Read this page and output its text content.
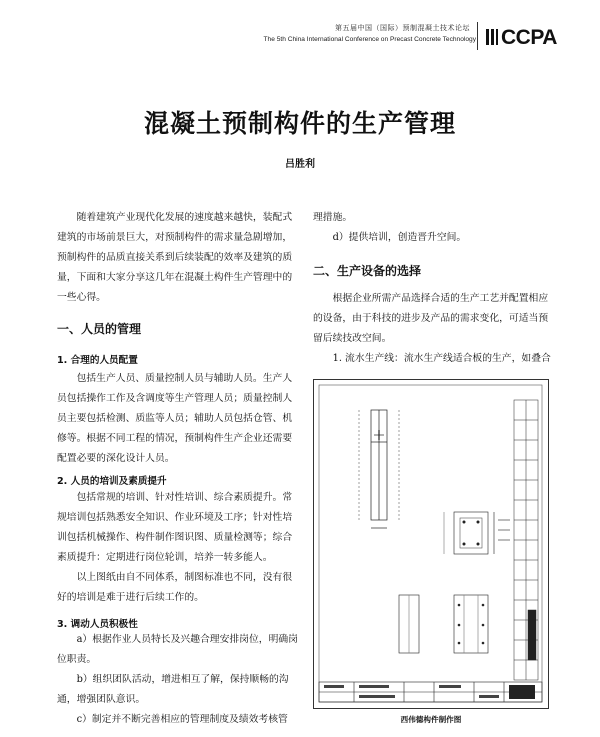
第五届中国（国际）预制混凝土技术论坛
The 5th China International Conference on Precast Concrete Technology	CCPA
混凝土预制构件的生产管理
吕胜利

随着建筑产业现代化发展的速度越来越快，装配式建筑的市场前景巨大，对预制构件的需求量急剧增加，预制构件的品质直接关系到后续装配的效率及建筑的质量，下面和大家分享这几年在混凝土构件生产管理中的一些心得。

一、人员的管理
1. 合理的人员配置

包括生产人员、质量控制人员与辅助人员。生产人员包括操作工作及含调度等生产管理人员；质量控制人员主要包括检测、质监等人员；辅助人员包括仓管、机修等。根据不同工程的情况，预制构件生产企业还需要配置必要的深化设计人员。

2. 人员的培训及素质提升

包括常规的培训、针对性培训、综合素质提升。常规培训包括熟悉安全知识、作业环境及工序；针对性培训包括机械操作、构件制作图识图、质量检测等；综合素质提升：定期进行岗位轮训，培养一转多能人。

以上图纸由自不同体系，制图标准也不同，没有很好的培训是难于进行后续工作的。

3. 调动人员积极性

a）根据作业人员特长及兴趣合理安排岗位，明确岗位职责。

b）组织团队活动，增进相互了解，保持顺畅的沟通，增强团队意识。

c）制定并不断完善相应的管理制度及绩效考核管

理措施。

d）提供培训，创造晋升空间。

二、生产设备的选择

根据企业所需产品选择合适的生产工艺并配置相应的设备，由于科技的进步及产品的需求变化，可适当预留后续技改空间。

1. 流水生产线：流水生产线适合板的生产，如叠合

西伟德构件制作图
